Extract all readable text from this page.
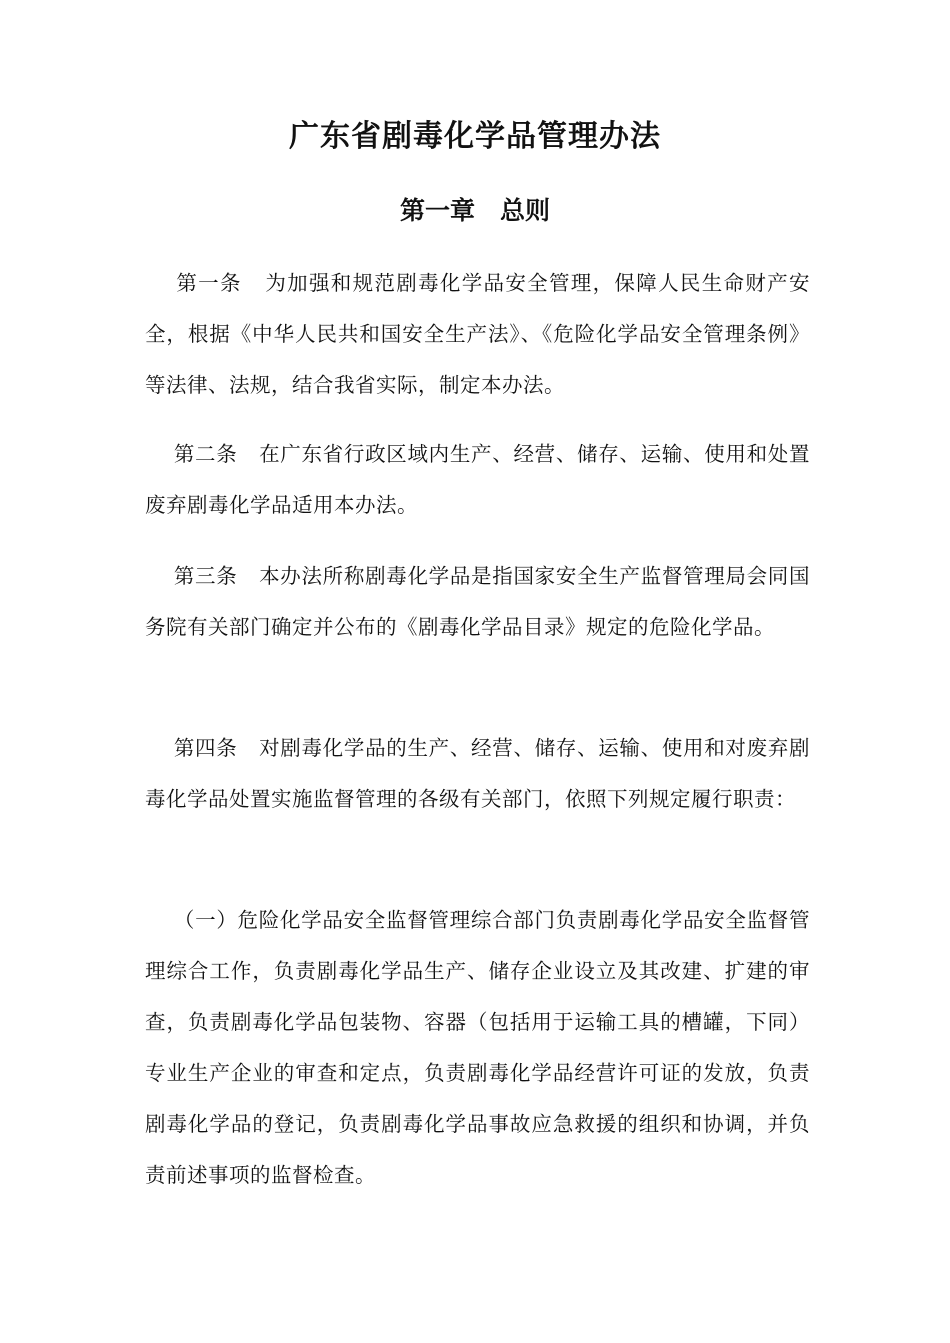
广东省剧毒化学品管理办法
第一章　总则

第一条 为加强和规范剧毒化学品安全管理，保障人民生命财产安全，根据《中华人民共和国安全生产法》、《危险化学品安全管理条例》等法律、法规，结合我省实际，制定本办法。

第二条 在广东省行政区域内生产、经营、储存、运输、使用和处置废弃剧毒化学品适用本办法。

第三条 本办法所称剧毒化学品是指国家安全生产监督管理局会同国务院有关部门确定并公布的《剧毒化学品目录》规定的危险化学品。

第四条 对剧毒化学品的生产、经营、储存、运输、使用和对废弃剧毒化学品处置实施监督管理的各级有关部门，依照下列规定履行职责：

（一）危险化学品安全监督管理综合部门负责剧毒化学品安全监督管理综合工作，负责剧毒化学品生产、储存企业设立及其改建、扩建的审查，负责剧毒化学品包装物、容器（包括用于运输工具的槽罐，下同）专业生产企业的审查和定点，负责剧毒化学品经营许可证的发放，负责剧毒化学品的登记，负责剧毒化学品事故应急救援的组织和协调，并负责前述事项的监督检查。
